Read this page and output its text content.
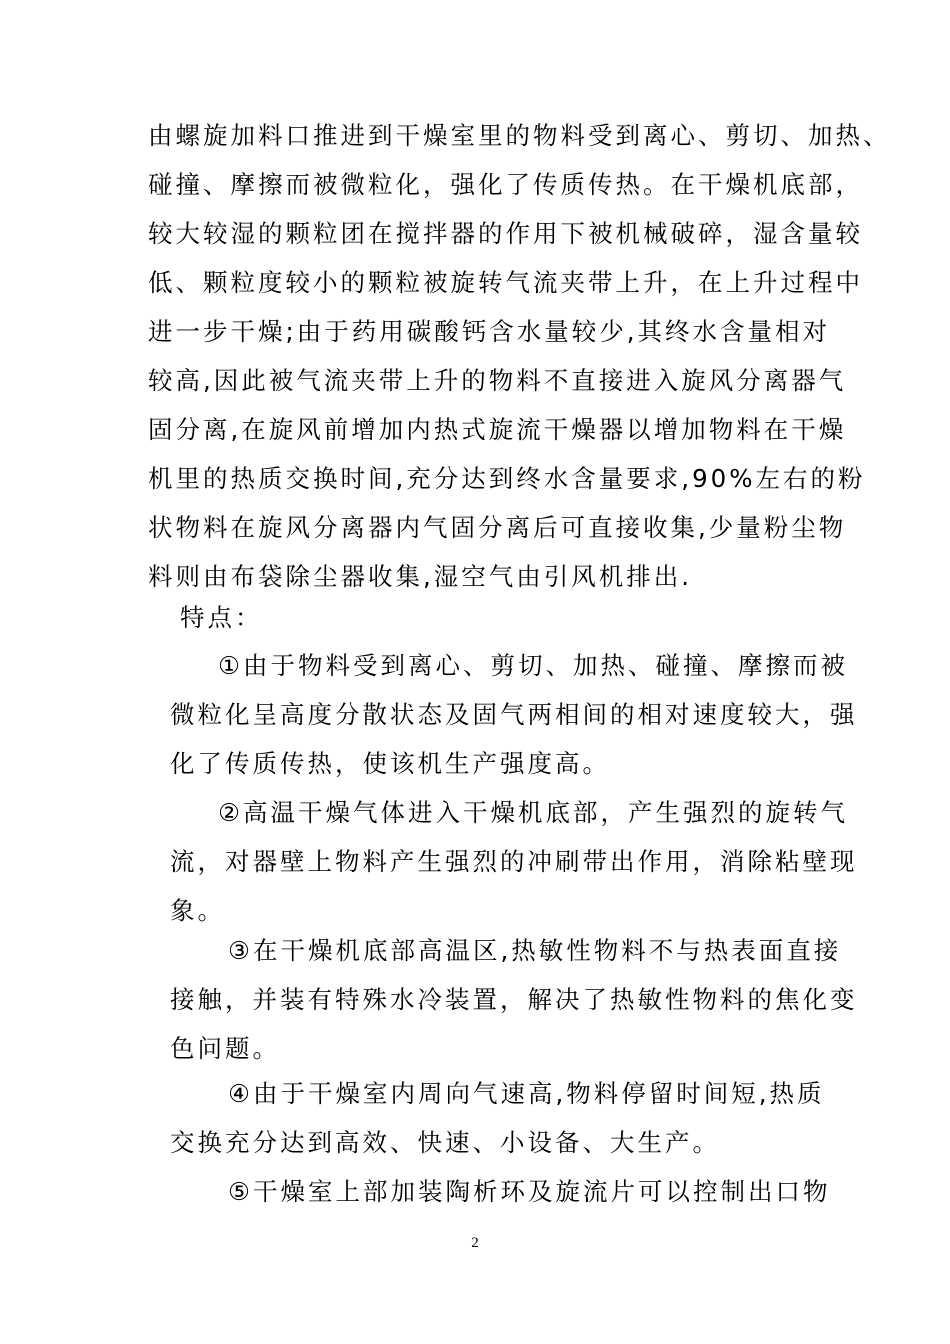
由螺旋加料口推进到干燥室里的物料受到离心、剪切、加热、
碰撞、摩擦而被微粒化，强化了传质传热。在干燥机底部，
较大较湿的颗粒团在搅拌器的作用下被机械破碎，湿含量较
低、颗粒度较小的颗粒被旋转气流夹带上升，在上升过程中
进一步干燥;由于药用碳酸钙含水量较少,其终水含量相对
较高,因此被气流夹带上升的物料不直接进入旋风分离器气
固分离,在旋风前增加内热式旋流干燥器以增加物料在干燥
机里的热质交换时间,充分达到终水含量要求,90%左右的粉
状物料在旋风分离器内气固分离后可直接收集,少量粉尘物
料则由布袋除尘器收集,湿空气由引风机排出.
特点：
①由于物料受到离心、剪切、加热、碰撞、摩擦而被
微粒化呈高度分散状态及固气两相间的相对速度较大，强
化了传质传热，使该机生产强度高。
②高温干燥气体进入干燥机底部，产生强烈的旋转气
流，对器壁上物料产生强烈的冲刷带出作用，消除粘壁现
象。
③在干燥机底部高温区,热敏性物料不与热表面直接
接触，并装有特殊水冷装置，解决了热敏性物料的焦化变
色问题。
④由于干燥室内周向气速高,物料停留时间短,热质
交换充分达到高效、快速、小设备、大生产。
⑤干燥室上部加装陶析环及旋流片可以控制出口物
2
